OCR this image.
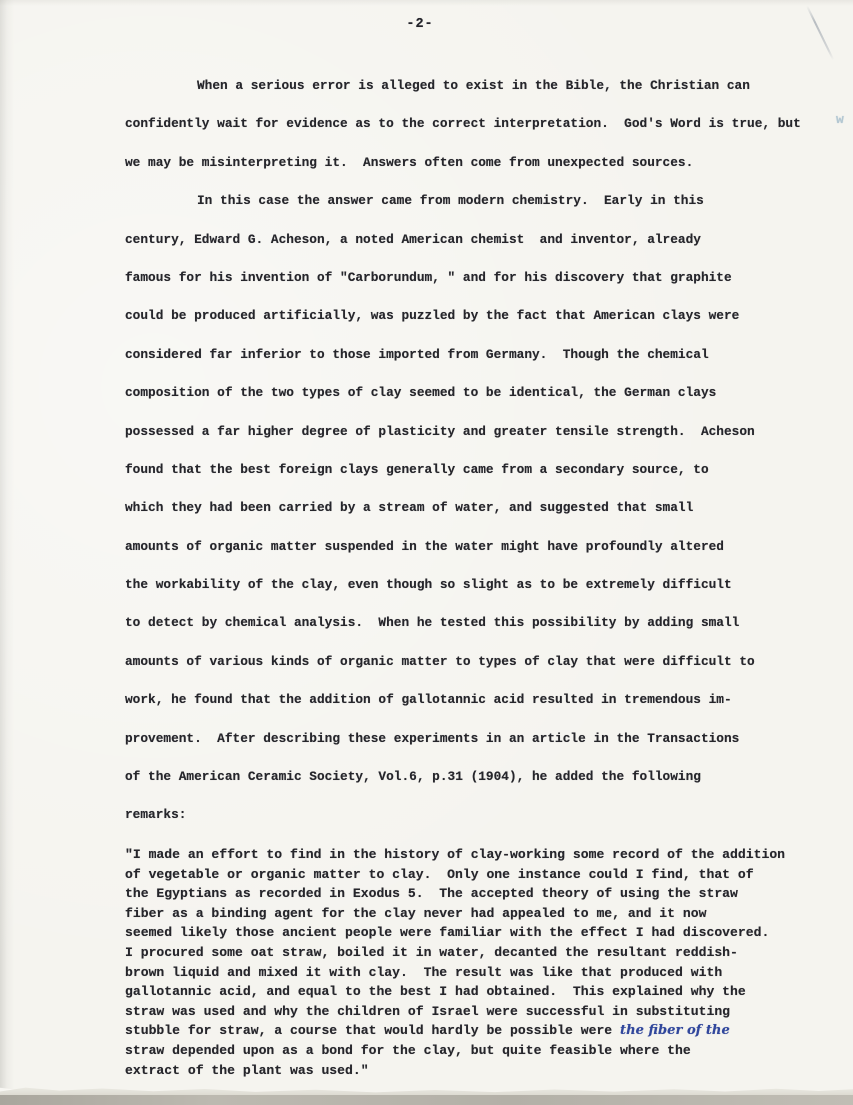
-2-
When a serious error is alleged to exist in the Bible, the Christian can
confidently wait for evidence as to the correct interpretation.  God's Word is true, but
we may be misinterpreting it.  Answers often come from unexpected sources.
In this case the answer came from modern chemistry.  Early in this
century, Edward G. Acheson, a noted American chemist  and inventor, already
famous for his invention of "Carborundum, " and for his discovery that graphite
could be produced artificially, was puzzled by the fact that American clays were
considered far inferior to those imported from Germany.  Though the chemical
composition of the two types of clay seemed to be identical, the German clays
possessed a far higher degree of plasticity and greater tensile strength.  Acheson
found that the best foreign clays generally came from a secondary source, to
which they had been carried by a stream of water, and suggested that small
amounts of organic matter suspended in the water might have profoundly altered
the workability of the clay, even though so slight as to be extremely difficult
to detect by chemical analysis.  When he tested this possibility by adding small
amounts of various kinds of organic matter to types of clay that were difficult to
work, he found that the addition of gallotannic acid resulted in tremendous im-
provement.  After describing these experiments in an article in the Transactions
of the American Ceramic Society, Vol.6, p.31 (1904), he added the following
remarks:
"I made an effort to find in the history of clay-working some record of the addition
of vegetable or organic matter to clay.  Only one instance could I find, that of
the Egyptians as recorded in Exodus 5.  The accepted theory of using the straw
fiber as a binding agent for the clay never had appealed to me, and it now
seemed likely those ancient people were familiar with the effect I had discovered.
I procured some oat straw, boiled it in water, decanted the resultant reddish-
brown liquid and mixed it with clay.  The result was like that produced with
gallotannic acid, and equal to the best I had obtained.  This explained why the
straw was used and why the children of Israel were successful in substituting
stubble for straw, a course that would hardly be possible were the fiber of the
straw depended upon as a bond for the clay, but quite feasible where the
extract of the plant was used."
w
